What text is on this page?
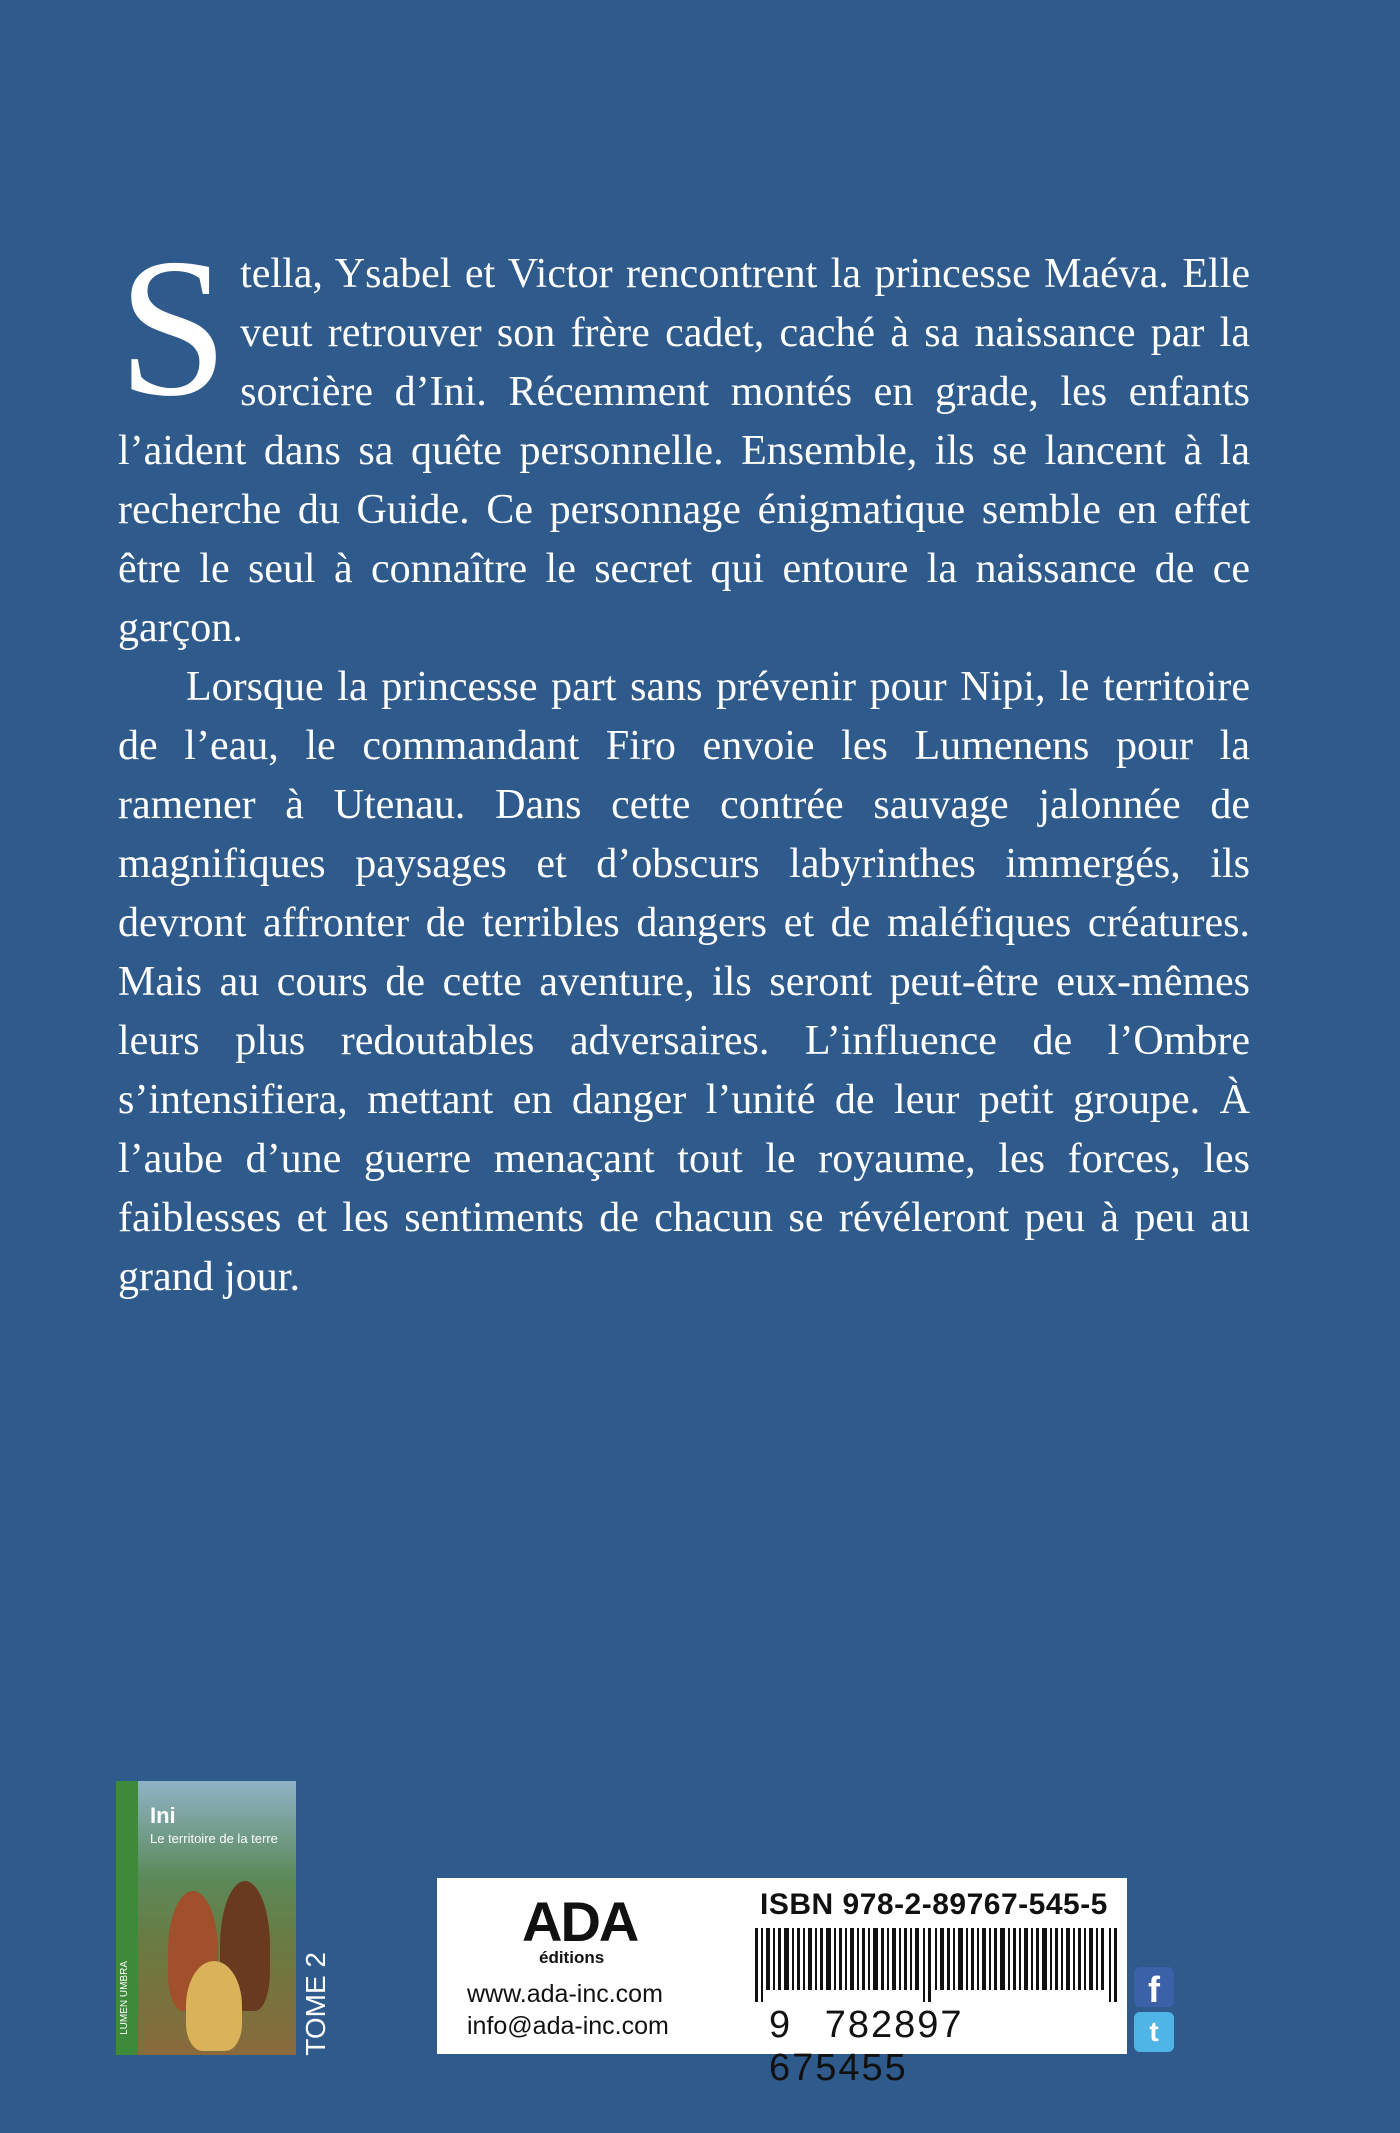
Stella, Ysabel et Victor rencontrent la princesse Maéva. Elle veut retrouver son frère cadet, caché à sa naissance par la sorcière d’Ini. Récemment montés en grade, les enfants l’aident dans sa quête personnelle. Ensemble, ils se lancent à la recherche du Guide. Ce personnage énigmatique semble en effet être le seul à connaître le secret qui entoure la naissance de ce garçon.

Lorsque la princesse part sans prévenir pour Nipi, le territoire de l’eau, le commandant Firo envoie les Lumenens pour la ramener à Utenau. Dans cette contrée sauvage jalonnée de magnifiques paysages et d’obscurs labyrinthes immergés, ils devront affronter de terribles dangers et de maléfiques créatures. Mais au cours de cette aventure, ils seront peut-être eux-mêmes leurs plus redoutables adversaires. L’influence de l’Ombre s’intensifiera, mettant en danger l’unité de leur petit groupe. À l’aube d’une guerre menaçant tout le royaume, les forces, les faiblesses et les sentiments de chacun se révéleront peu à peu au grand jour.

LUMEN UMBRA
Ini
Le territoire de la terre
TOME 2
ADA
éditions
www.ada-inc.com
info@ada-inc.com
ISBN 978-2-89767-545-5
9 782897 675455
f
t
